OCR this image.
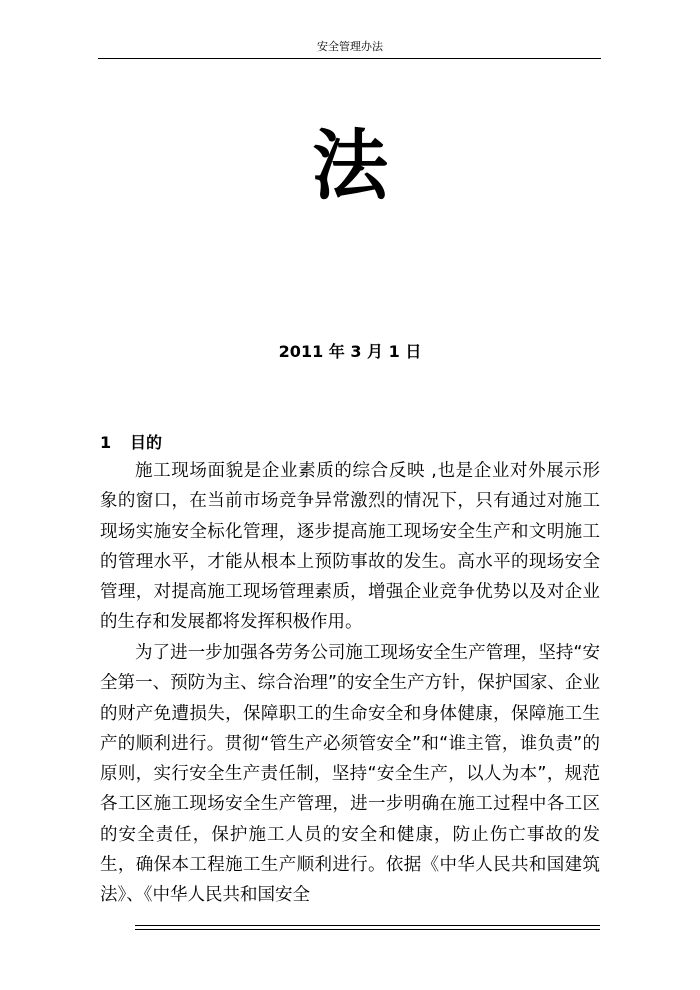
安全管理办法
法
2011 年 3 月 1 日
1 目的

施工现场面貌是企业素质的综合反映 ,也是企业对外展示形象的窗口，在当前市场竞争异常激烈的情况下，只有通过对施工现场实施安全标化管理，逐步提高施工现场安全生产和文明施工的管理水平，才能从根本上预防事故的发生。高水平的现场安全管理，对提高施工现场管理素质，增强企业竞争优势以及对企业的生存和发展都将发挥积极作用。

为了进一步加强各劳务公司施工现场安全生产管理，坚持“安全第一、预防为主、综合治理”的安全生产方针，保护国家、企业的财产免遭损失，保障职工的生命安全和身体健康，保障施工生产的顺利进行。贯彻“管生产必须管安全”和“谁主管，谁负责”的原则，实行安全生产责任制，坚持“安全生产，以人为本”，规范各工区施工现场安全生产管理，进一步明确在施工过程中各工区的安全责任，保护施工人员的安全和健康，防止伤亡事故的发生，确保本工程施工生产顺利进行。依据《中华人民共和国建筑法》、《中华人民共和国安全
